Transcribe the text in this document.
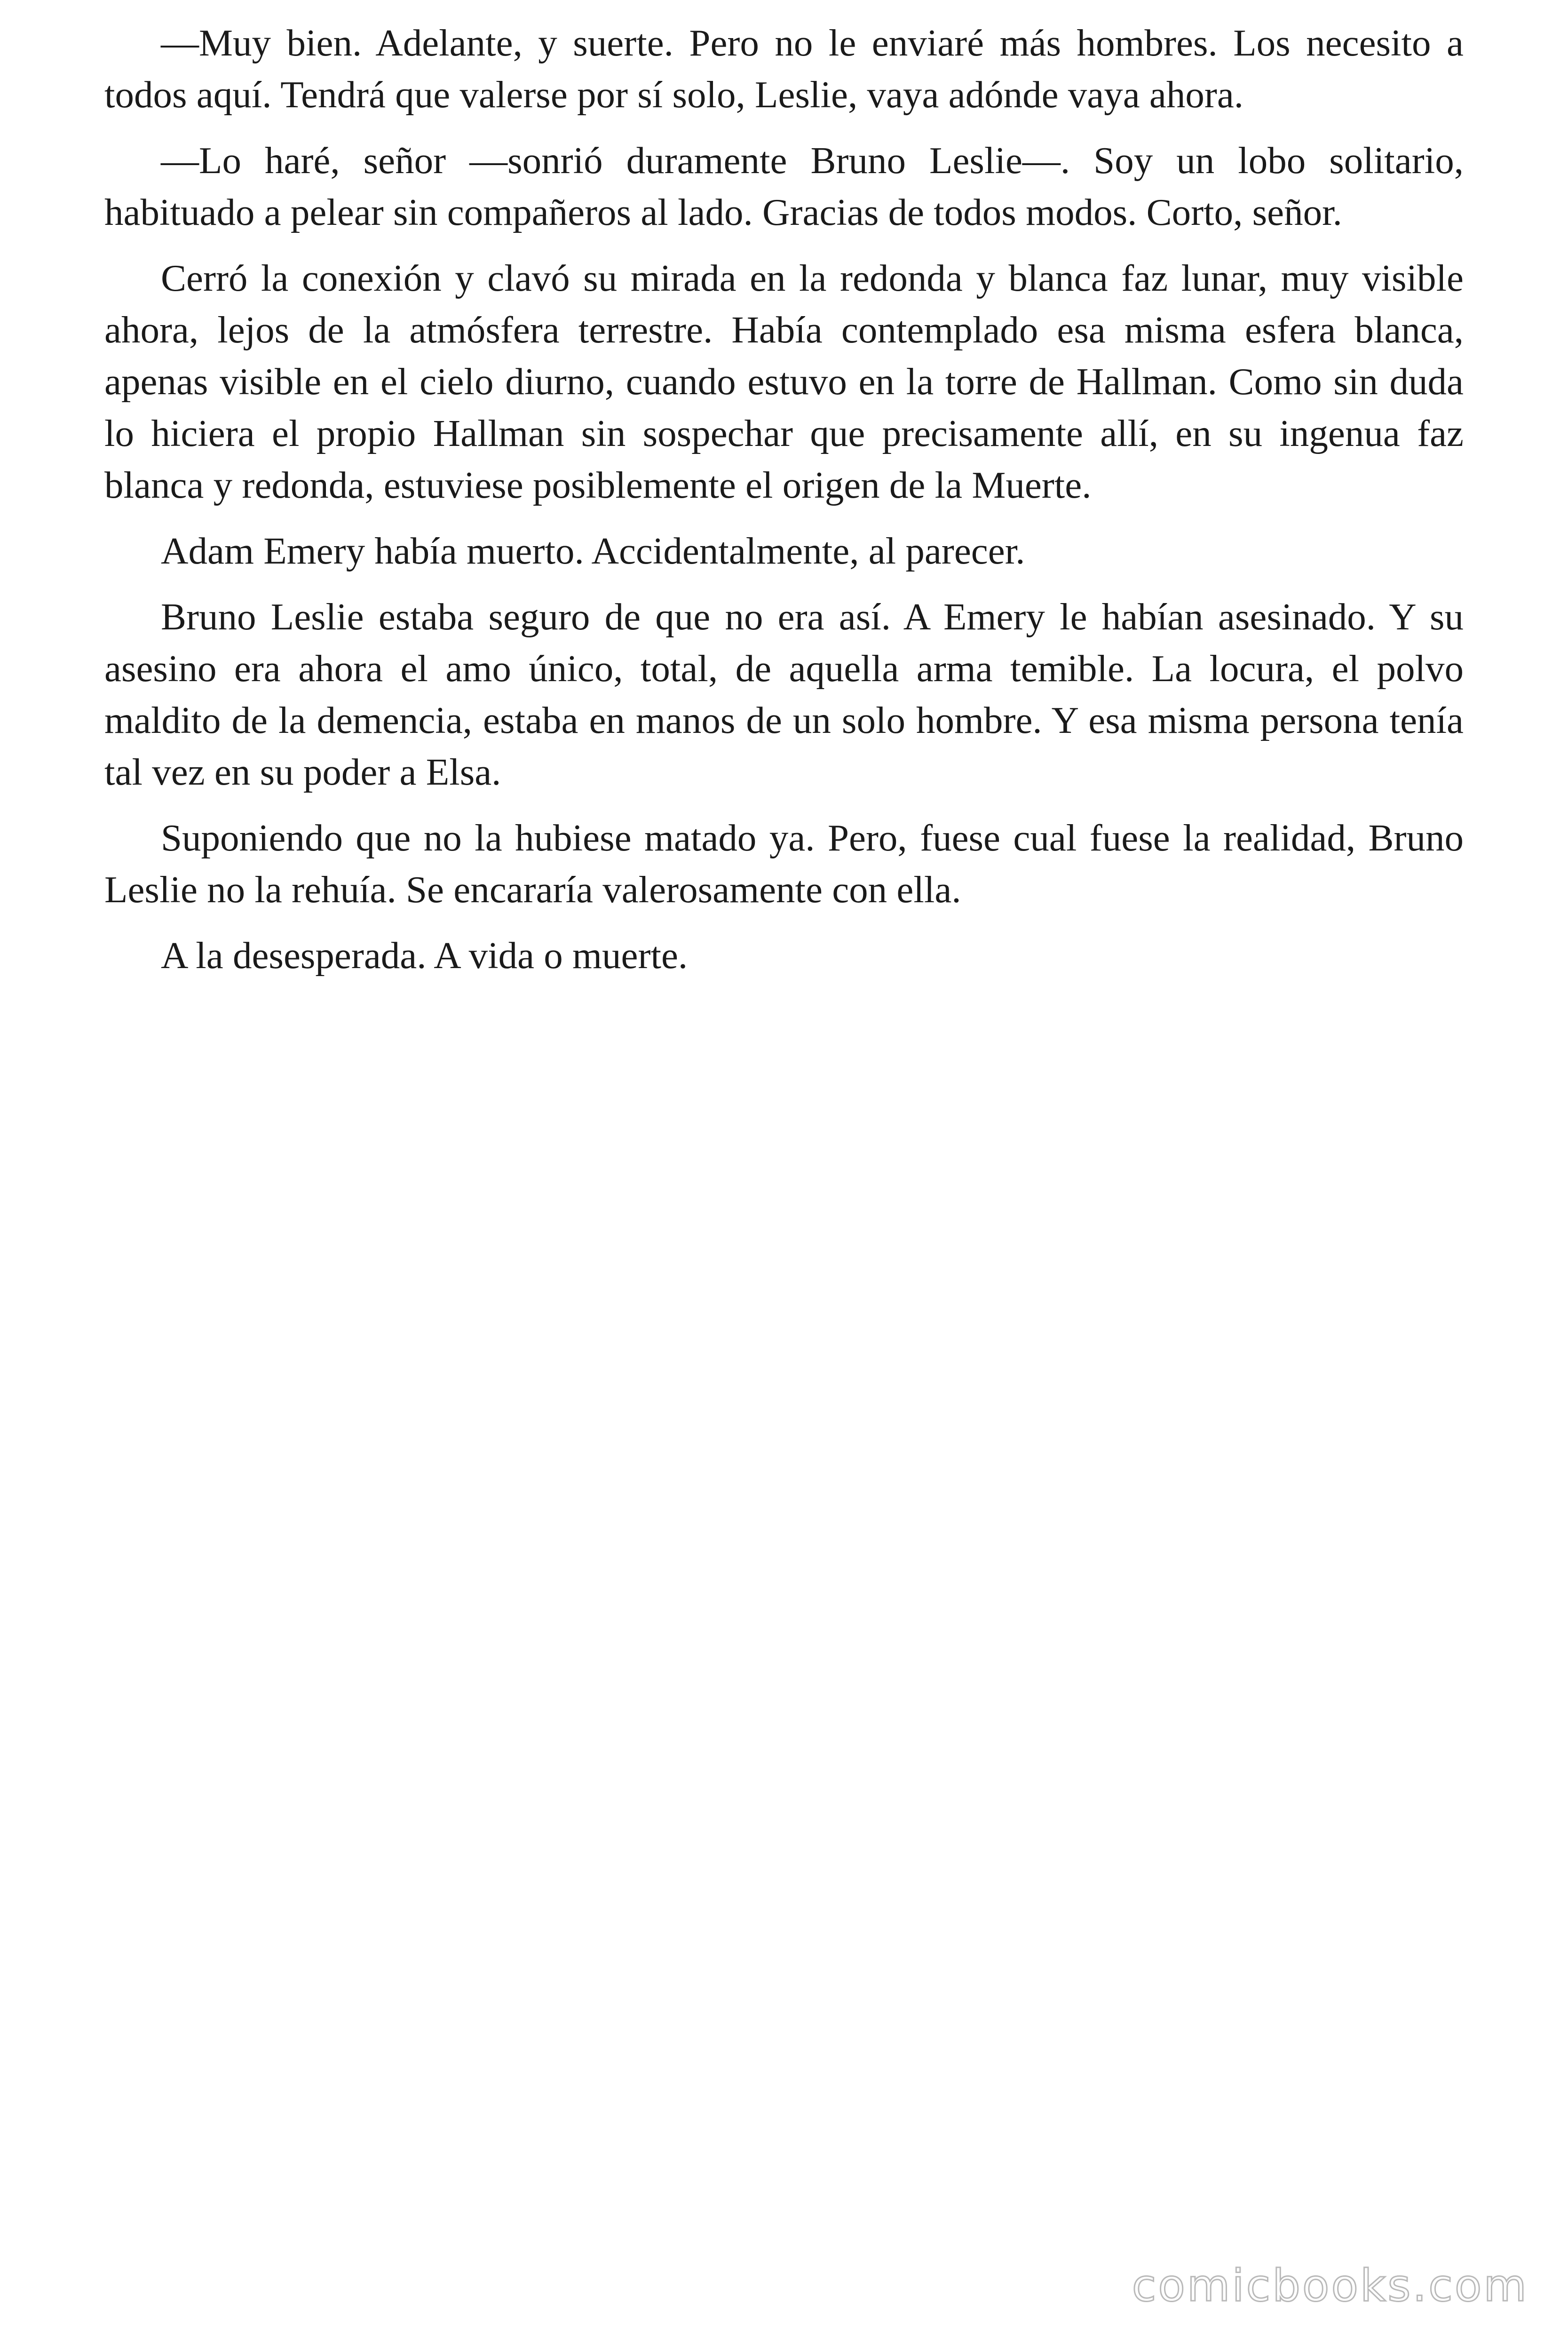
—Muy bien. Adelante, y suerte. Pero no le enviaré más hombres. Los necesito a todos aquí. Tendrá que valerse por sí solo, Leslie, vaya adónde vaya ahora.

—Lo haré, señor —sonrió duramente Bruno Leslie—. Soy un lobo solitario, habituado a pelear sin compañeros al lado. Gracias de todos modos. Corto, señor.

Cerró la conexión y clavó su mirada en la redonda y blanca faz lunar, muy visible ahora, lejos de la atmósfera terrestre. Había contemplado esa misma esfera blanca, apenas visible en el cielo diurno, cuando estuvo en la torre de Hallman. Como sin duda lo hiciera el propio Hallman sin sospechar que precisamente allí, en su ingenua faz blanca y redonda, estuviese posiblemente el origen de la Muerte.

Adam Emery había muerto. Accidentalmente, al parecer.

Bruno Leslie estaba seguro de que no era así. A Emery le habían asesinado. Y su asesino era ahora el amo único, total, de aquella arma temible. La locura, el polvo maldito de la demencia, estaba en manos de un solo hombre. Y esa misma persona tenía tal vez en su poder a Elsa.

Suponiendo que no la hubiese matado ya. Pero, fuese cual fuese la realidad, Bruno Leslie no la rehuía. Se encararía valerosamente con ella.

A la desesperada. A vida o muerte.

comicbooks.com
